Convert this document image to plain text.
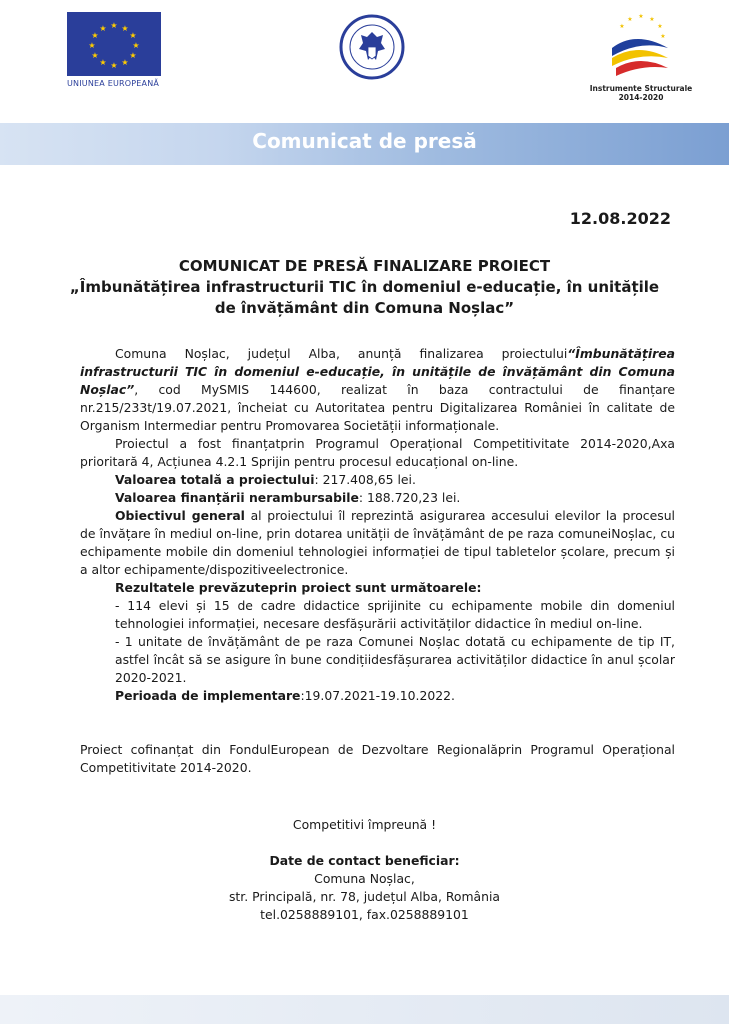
★ ★
★
★
★
★
★
★
★
★
★
★
UNIUNEA EUROPEANĂ
★ ★
★
★
★
★
Instrumente Structurale
2014-2020
Comunicat de presă
12.08.2022
COMUNICAT DE PRESĂ FINALIZARE PROIECT
„Îmbunătățirea infrastructurii TIC în domeniul e-educație, în unitățile de învățământ din Comuna Noșlac”

Comuna Noșlac, județul Alba, anunță finalizarea proiectului“Îmbunătățirea infrastructurii TIC în domeniul e-educație, în unitățile de învățământ din Comuna Noșlac”, cod MySMIS 144600, realizat în baza contractului de finanțare nr.215/233t/19.07.2021, încheiat cu Autoritatea pentru Digitalizarea României în calitate de Organism Intermediar pentru Promovarea Societății informaționale.

Proiectul a fost finanțatprin Programul Operațional Competitivitate 2014-2020,Axa prioritară 4, Acțiunea 4.2.1 Sprijin pentru procesul educațional on-line.

Valoarea totală a proiectului: 217.408,65 lei.

Valoarea finanțării nerambursabile: 188.720,23 lei.

Obiectivul general al proiectului îl reprezintă asigurarea accesului elevilor la procesul de învățare în mediul on-line, prin dotarea unității de învățământ de pe raza comuneiNoșlac, cu echipamente mobile din domeniul tehnologiei informației de tipul tabletelor școlare, precum și a altor echipamente/dispozitiveelectronice.

Rezultatele prevăzuteprin proiect sunt următoarele:

- 114 elevi și 15 de cadre didactice sprijinite cu echipamente mobile din domeniul tehnologiei informației, necesare desfășurării activităților didactice în mediul on-line.

- 1 unitate de învățământ de pe raza Comunei Noșlac dotată cu echipamente de tip IT, astfel încât să se asigure în bune condițiidesfășurarea activităților didactice în anul școlar 2020-2021.

Perioada de implementare:19.07.2021-19.10.2022.

Proiect cofinanțat din FondulEuropean de Dezvoltare Regionalăprin Programul Operațional Competitivitate 2014-2020.
Competitivi împreună !
Date de contact beneficiar:
Comuna Noșlac,
str. Principală, nr. 78, județul Alba, România
tel.0258889101, fax.0258889101
